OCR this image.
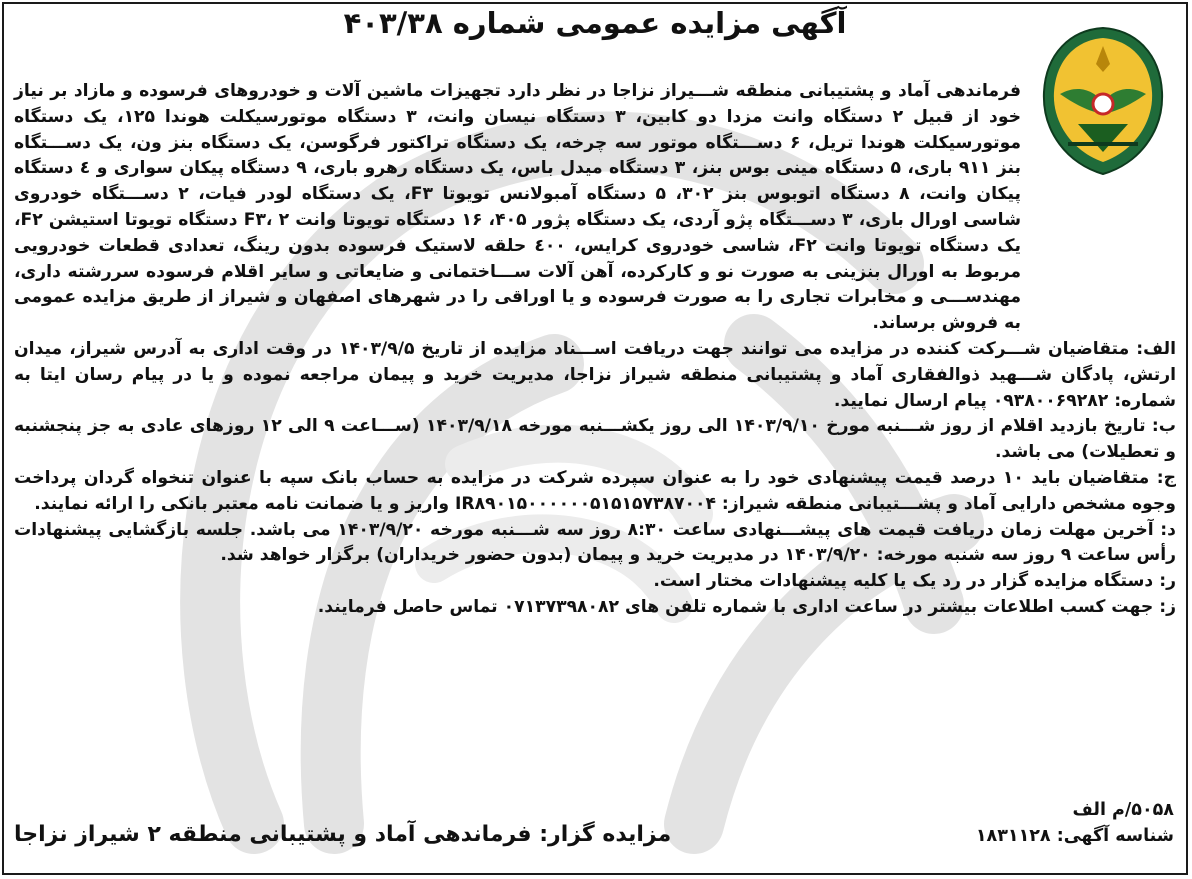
آگهی مزایده عمومی شماره ۴۰۳/۳۸

فرماندهی آماد و پشتیبانی منطقه شـــیراز نزاجا در نظر دارد تجهیزات ماشین آلات و خودروهای فرسوده و مازاد بر نیاز خود از قبیل ۲ دستگاه وانت مزدا دو کابین، ۳ دستگاه نیسان وانت، ۳ دستگاه موتورسیکلت هوندا ۱۲۵، یک دستگاه موتورسیکلت هوندا تریل، ۶ دســـتگاه موتور سه چرخه، یک دستگاه تراکتور فرگوسن، یک دستگاه بنز ون، یک دســـتگاه بنز ۹۱۱ باری، ۵ دستگاه مینی بوس بنز، ۳ دستگاه میدل باس، یک دستگاه رهرو باری، ۹ دستگاه پیکان سواری و ٤ دستگاه پیکان وانت، ۸ دستگاه اتوبوس بنز ۳۰۲، ۵ دستگاه آمبولانس تویوتا F۳، یک دستگاه لودر فیات، ۲ دســـتگاه خودروی شاسی اورال باری، ۳ دســـتگاه پژو آردی، یک دستگاه پژور ۴۰۵، ۱۶ دستگاه تویوتا وانت F۳، ۲ دستگاه تویوتا استیشن F۲، یک دستگاه تویوتا وانت F۲، شاسی خودروی کرایس، ٤۰۰ حلقه لاستیک فرسوده بدون رینگ، تعدادی قطعات خودرویی مربوط به اورال بنزینی به صورت نو و کارکرده، آهن آلات ســـاختمانی و ضایعاتی و سایر اقلام فرسوده سررشته داری، مهندســـی و مخابرات تجاری را به صورت فرسوده و یا اوراقی را در شهرهای اصفهان و شیراز از طریق مزایده عمومی به فروش برساند.

الف: متقاضیان شـــرکت کننده در مزایده می توانند جهت دریافت اســـناد مزایده از تاریخ ۱۴۰۳/۹/۵ در وقت اداری به آدرس شیراز، میدان ارتش، پادگان شـــهید ذوالفقاری آماد و پشتیبانی منطقه شیراز نزاجا، مدیریت خرید و پیمان مراجعه نموده و یا در پیام رسان ایتا به شماره: ۰۹۳۸۰۰۶۹۲۸۲ پیام ارسال نمایید.

ب: تاریخ بازدید اقلام از روز شـــنبه مورخ ۱۴۰۳/۹/۱۰ الی روز یکشـــنبه مورخه ۱۴۰۳/۹/۱۸ (ســـاعت ۹ الی ۱۲ روزهای عادی به جز پنجشنبه و تعطیلات) می باشد.

ج: متقاضیان باید ۱۰ درصد قیمت پیشنهادی خود را به عنوان سپرده شرکت در مزایده به حساب بانک سپه با عنوان تنخواه گردان پرداخت وجوه مشخص دارایی آماد و پشـــتیبانی منطقه شیراز: IR۸۹۰۱۵۰۰۰۰۰۰۵۱۵۱۵۷۳۸۷۰۰۴ واریز و یا ضمانت نامه معتبر بانکی را ارائه نمایند.

د: آخرین مهلت زمان دریافت قیمت های پیشـــنهادی ساعت ۸:۳۰ روز سه شـــنبه مورخه ۱۴۰۳/۹/۲۰ می باشد. جلسه بازگشایی پیشنهادات رأس ساعت ۹ روز سه شنبه مورخه: ۱۴۰۳/۹/۲۰ در مدیریت خرید و پیمان (بدون حضور خریداران) برگزار خواهد شد.

ر: دستگاه مزایده گزار در رد یک یا کلیه پیشنهادات مختار است.

ز: جهت کسب اطلاعات بیشتر در ساعت اداری با شماره تلفن های ۰۷۱۳۷۳۹۸۰۸۲ تماس حاصل فرمایند.

۵۰۵۸/م الف
شناسه آگهی: ۱۸۳۱۱۲۸
مزایده گزار: فرماندهی آماد و پشتیبانی منطقه ۲ شیراز نزاجا
